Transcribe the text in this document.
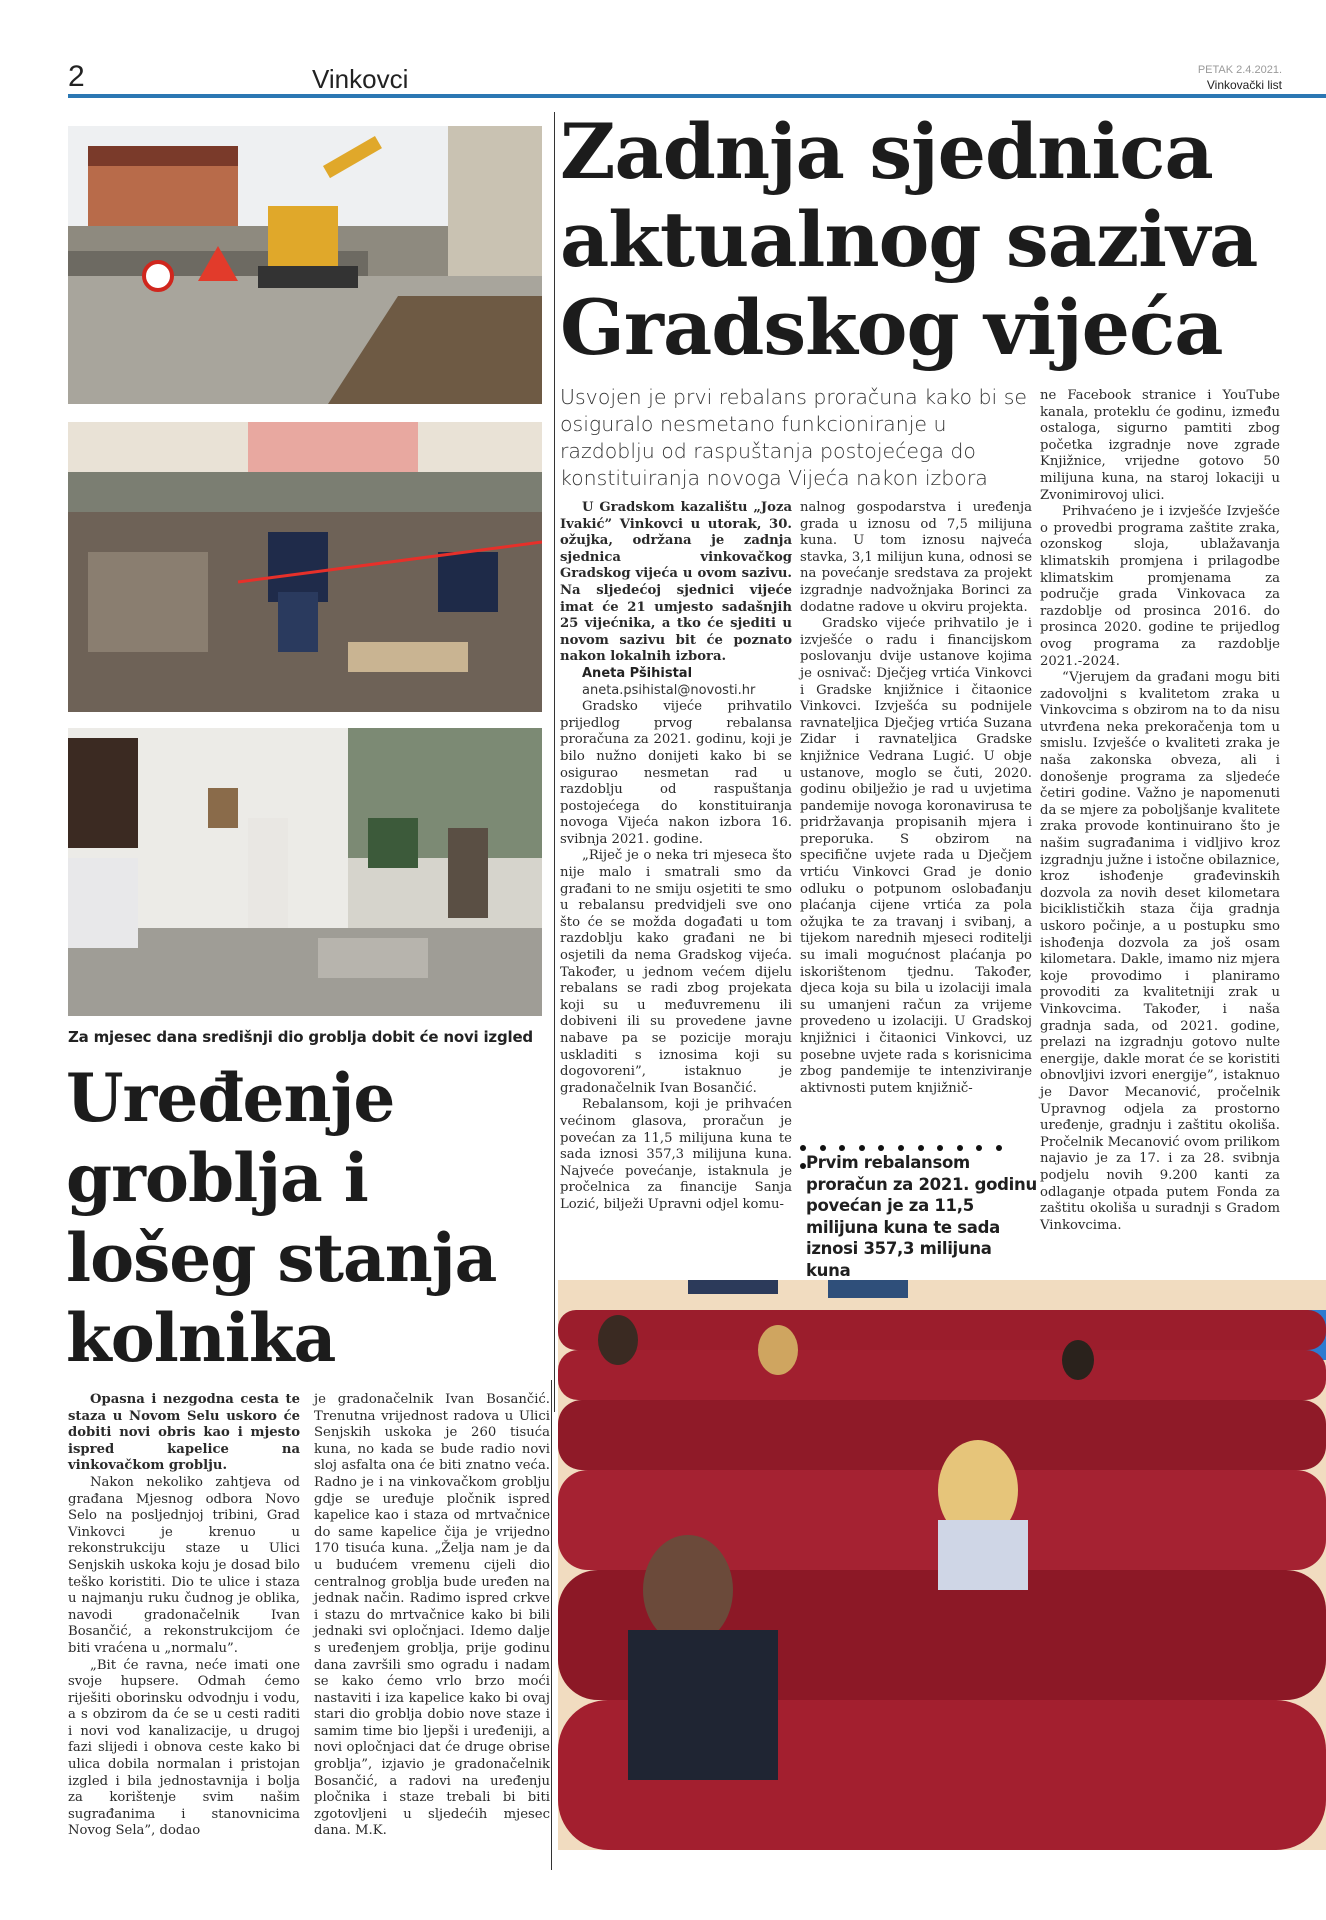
2	Vinkovci	PETAK 2.4.2021.
Vinkovački list
Zadnja sjednica aktualnog saziva Gradskog vijeća
Usvojen je prvi rebalans proračuna kako bi se osiguralo nesmetano funkcioniranje u razdoblju od raspuštanja postojećega do konstituiranja novoga Vijeća nakon izbora

U Gradskom kazalištu „Joza Ivakić” Vinkovci u utorak, 30. ožujka, održana je zadnja sjednica vinkovačkog Gradskog vijeća u ovom sazivu. Na sljedećoj sjednici vijeće imat će 21 umjesto sadašnjih 25 vijećnika, a tko će sjediti u novom sazivu bit će poznato nakon lokalnih izbora.

Aneta Pšihistal

aneta.psihistal@novosti.hr

Gradsko vijeće prihvatilo prijedlog prvog rebalansa proračuna za 2021. godinu, koji je bilo nužno donijeti kako bi se osigurao nesmetan rad u razdoblju od raspuštanja postojećega do konstituiranja novoga Vijeća nakon izbora 16. svibnja 2021. godine.

„Riječ je o neka tri mjeseca što nije malo i smatrali smo da građani to ne smiju osjetiti te smo u rebalansu predvidjeli sve ono što će se možda događati u tom razdoblju kako građani ne bi osjetili da nema Gradskog vijeća. Također, u jednom većem dijelu rebalans se radi zbog projekata koji su u međuvremenu ili dobiveni ili su provedene javne nabave pa se pozicije moraju uskladiti s iznosima koji su dogovoreni”, istaknuo je gradonačelnik Ivan Bosančić.

Rebalansom, koji je prihvaćen većinom glasova, proračun je povećan za 11,5 milijuna kuna te sada iznosi 357,3 milijuna kuna. Najveće povećanje, istaknula je pročelnica za financije Sanja Lozić, bilježi Upravni odjel komu-

nalnog gospodarstva i uređenja grada u iznosu od 7,5 milijuna kuna. U tom iznosu najveća stavka, 3,1 milijun kuna, odnosi se na povećanje sredstava za projekt izgradnje nadvožnjaka Borinci za dodatne radove u okviru projekta.

Gradsko vijeće prihvatilo je i izvješće o radu i financijskom poslovanju dvije ustanove kojima je osnivač: Dječjeg vrtića Vinkovci i Gradske knjižnice i čitaonice Vinkovci. Izvješća su podnijele ravnateljica Dječjeg vrtića Suzana Zidar i ravnateljica Gradske knjižnice Vedrana Lugić. U obje ustanove, moglo se čuti, 2020. godinu obilježio je rad u uvjetima pandemije novoga koronavirusa te pridržavanja propisanih mjera i preporuka. S obzirom na specifične uvjete rada u Dječjem vrtiću Vinkovci Grad je donio odluku o potpunom oslobađanju plaćanja cijene vrtića za pola ožujka te za travanj i svibanj, a tijekom narednih mjeseci roditelji su imali mogućnost plaćanja po iskorištenom tjednu. Također, djeca koja su bila u izolaciji imala su umanjeni račun za vrijeme provedeno u izolaciji. U Gradskoj knjižnici i čitaonici Vinkovci, uz posebne uvjete rada s korisnicima zbog pandemije te intenziviranje aktivnosti putem knjižnič-

Prvim rebalansom proračun za 2021. godinu povećan je za 11,5 milijuna kuna te sada iznosi 357,3 milijuna kuna

ne Facebook stranice i YouTube kanala, proteklu će godinu, između ostaloga, sigurno pamtiti zbog početka izgradnje nove zgrade Knjižnice, vrijedne gotovo 50 milijuna kuna, na staroj lokaciji u Zvonimirovoj ulici.

Prihvaćeno je i izvješće Izvješće o provedbi programa zaštite zraka, ozonskog sloja, ublažavanja klimatskih promjena i prilagodbe klimatskim promjenama za područje grada Vinkovaca za razdoblje od prosinca 2016. do prosinca 2020. godine te prijedlog ovog programa za razdoblje 2021.-2024.

“Vjerujem da građani mogu biti zadovoljni s kvalitetom zraka u Vinkovcima s obzirom na to da nisu utvrđena neka prekoračenja tom u smislu. Izvješće o kvaliteti zraka je naša zakonska obveza, ali i donošenje programa za sljedeće četiri godine. Važno je napomenuti da se mjere za poboljšanje kvalitete zraka provode kontinuirano što je našim sugrađanima i vidljivo kroz izgradnju južne i istočne obilaznice, kroz ishođenje građevinskih dozvola za novih deset kilometara biciklističkih staza čija gradnja uskoro počinje, a u postupku smo ishođenja dozvola za još osam kilometara. Dakle, imamo niz mjera koje provodimo i planiramo provoditi za kvalitetniji zrak u Vinkovcima. Također, i naša gradnja sada, od 2021. godine, prelazi na izgradnju gotovo nulte energije, dakle morat će se koristiti obnovljivi izvori energije”, istaknuo je Davor Mecanović, pročelnik Upravnog odjela za prostorno uređenje, gradnju i zaštitu okoliša. Pročelnik Mecanović ovom prilikom najavio je za 17. i za 28. svibnja podjelu novih 9.200 kanti za odlaganje otpada putem Fonda za zaštitu okoliša u suradnji s Gradom Vinkovcima.

Za mjesec dana središnji dio groblja dobit će novi izgled
Uređenje groblja i lošeg stanja kolnika

Opasna i nezgodna cesta te staza u Novom Selu uskoro će dobiti novi obris kao i mjesto ispred kapelice na vinkovačkom groblju.

Nakon nekoliko zahtjeva od građana Mjesnog odbora Novo Selo na posljednjoj tribini, Grad Vinkovci je krenuo u rekonstrukciju staze u Ulici Senjskih uskoka koju je dosad bilo teško koristiti. Dio te ulice i staza u najmanju ruku čudnog je oblika, navodi gradonačelnik Ivan Bosančić, a rekonstrukcijom će biti vraćena u „normalu”.

„Bit će ravna, neće imati one svoje hupsere. Odmah ćemo riješiti oborinsku odvodnju i vodu, a s obzirom da će se u cesti raditi i novi vod kanalizacije, u drugoj fazi slijedi i obnova ceste kako bi ulica dobila normalan i pristojan izgled i bila jednostavnija i bolja za korištenje svim našim sugrađanima i stanovnicima Novog Sela”, dodao

je gradonačelnik Ivan Bosančić. Trenutna vrijednost radova u Ulici Senjskih uskoka je 260 tisuća kuna, no kada se bude radio novi sloj asfalta ona će biti znatno veća. Radno je i na vinkovačkom groblju gdje se uređuje pločnik ispred kapelice kao i staza od mrtvačnice do same kapelice čija je vrijedno 170 tisuća kuna. „Želja nam je da u budućem vremenu cijeli dio centralnog groblja bude uređen na jednak način. Radimo ispred crkve i stazu do mrtvačnice kako bi bili jednaki svi opločnjaci. Idemo dalje s uređenjem groblja, prije godinu dana završili smo ogradu i nadam se kako ćemo vrlo brzo moći nastaviti i iza kapelice kako bi ovaj stari dio groblja dobio nove staze i samim time bio ljepši i uređeniji, a novi opločnjaci dat će druge obrise groblja”, izjavio je gradonačelnik Bosančić, a radovi na uređenju pločnika i staze trebali bi biti zgotovljeni u sljedećih mjesec dana. M.K.
